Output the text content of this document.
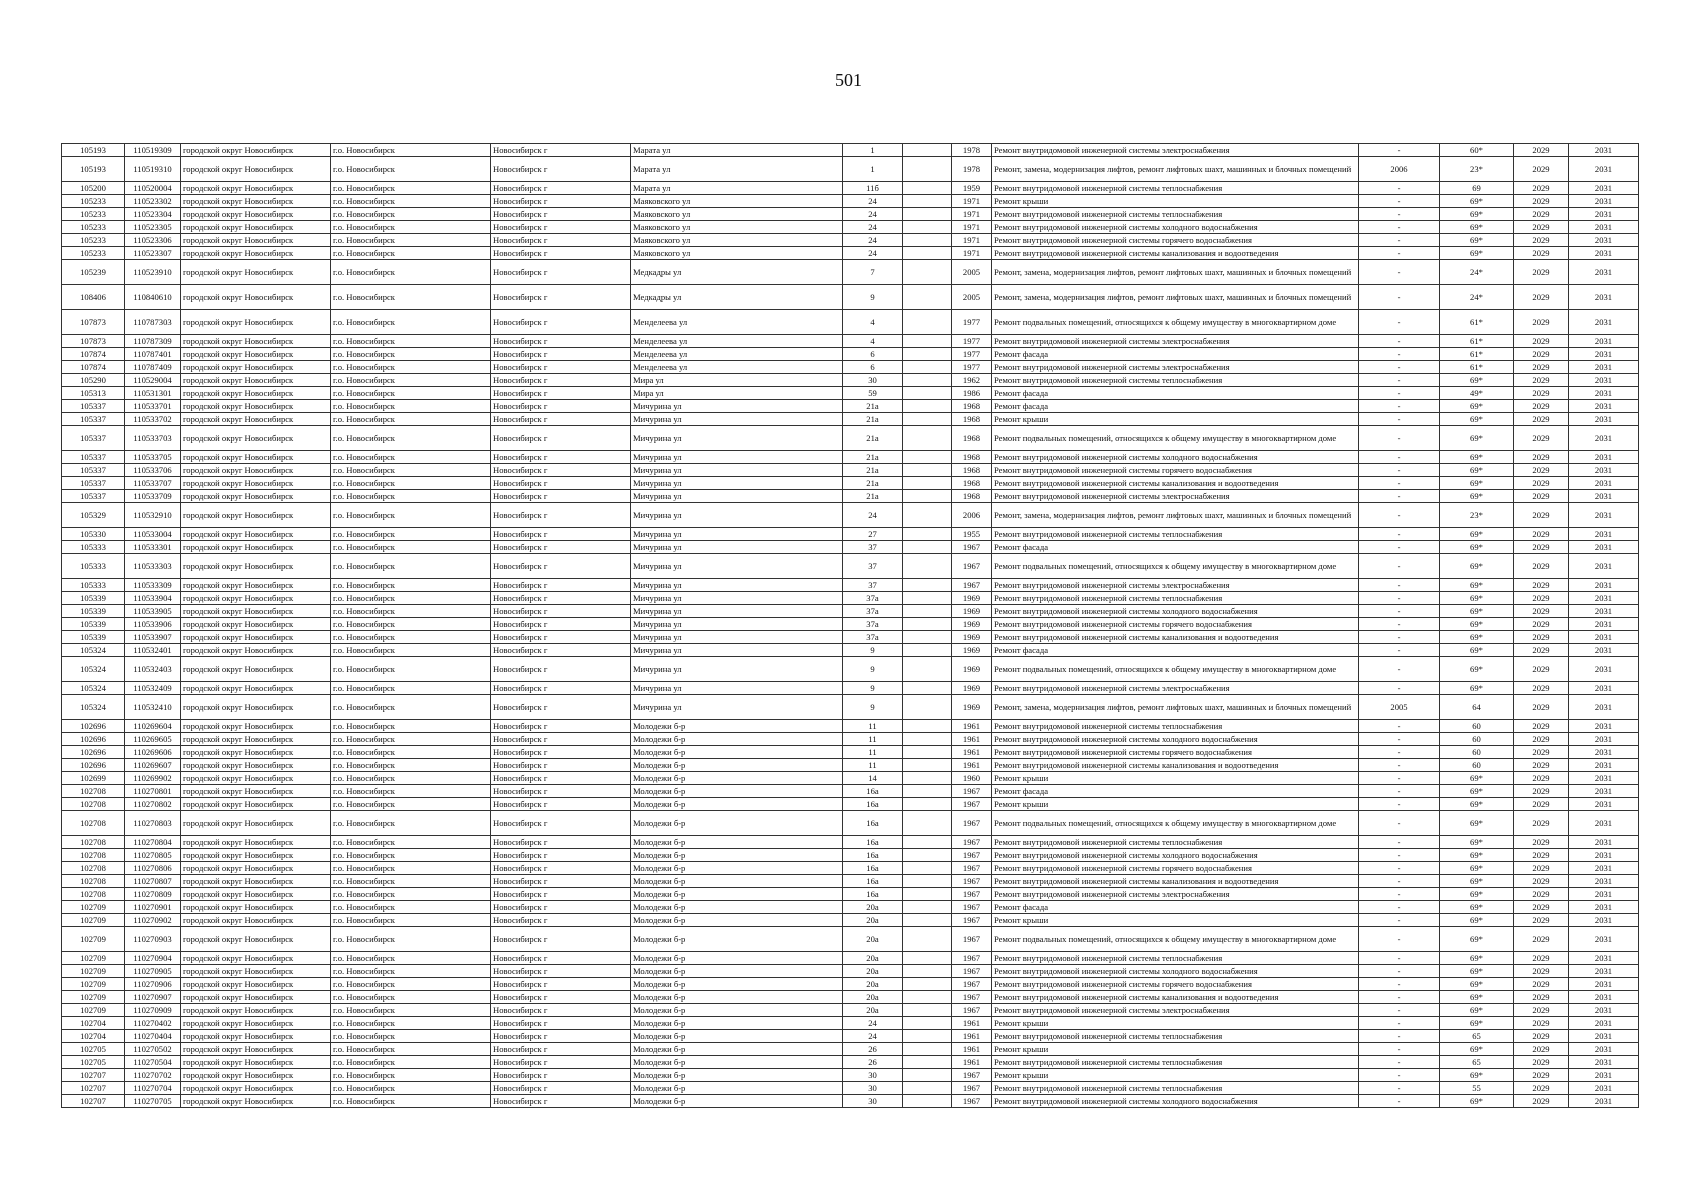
501
105193	110519309	городской округ Новосибирск	г.о. Новосибирск	Новосибирск г	Марата ул	1		1978	Ремонт внутридомовой инженерной системы электроснабжения	-	60*	2029	2031
105193	110519310	городской округ Новосибирск	г.о. Новосибирск	Новосибирск г	Марата ул	1		1978	Ремонт, замена, модернизация лифтов, ремонт лифтовых шахт, машинных и блочных помещений	2006	23*	2029	2031
105200	110520004	городской округ Новосибирск	г.о. Новосибирск	Новосибирск г	Марата ул	11б		1959	Ремонт внутридомовой инженерной системы теплоснабжения	-	69	2029	2031
105233	110523302	городской округ Новосибирск	г.о. Новосибирск	Новосибирск г	Маяковского ул	24		1971	Ремонт крыши	-	69*	2029	2031
105233	110523304	городской округ Новосибирск	г.о. Новосибирск	Новосибирск г	Маяковского ул	24		1971	Ремонт внутридомовой инженерной системы теплоснабжения	-	69*	2029	2031
105233	110523305	городской округ Новосибирск	г.о. Новосибирск	Новосибирск г	Маяковского ул	24		1971	Ремонт внутридомовой инженерной системы холодного водоснабжения	-	69*	2029	2031
105233	110523306	городской округ Новосибирск	г.о. Новосибирск	Новосибирск г	Маяковского ул	24		1971	Ремонт внутридомовой инженерной системы горячего водоснабжения	-	69*	2029	2031
105233	110523307	городской округ Новосибирск	г.о. Новосибирск	Новосибирск г	Маяковского ул	24		1971	Ремонт внутридомовой инженерной системы канализования и водоотведения	-	69*	2029	2031
105239	110523910	городской округ Новосибирск	г.о. Новосибирск	Новосибирск г	Медкадры ул	7		2005	Ремонт, замена, модернизация лифтов, ремонт лифтовых шахт, машинных и блочных помещений	-	24*	2029	2031
108406	110840610	городской округ Новосибирск	г.о. Новосибирск	Новосибирск г	Медкадры ул	9		2005	Ремонт, замена, модернизация лифтов, ремонт лифтовых шахт, машинных и блочных помещений	-	24*	2029	2031
107873	110787303	городской округ Новосибирск	г.о. Новосибирск	Новосибирск г	Менделеева ул	4		1977	Ремонт подвальных помещений, относящихся к общему имуществу в многоквартирном доме	-	61*	2029	2031
107873	110787309	городской округ Новосибирск	г.о. Новосибирск	Новосибирск г	Менделеева ул	4		1977	Ремонт внутридомовой инженерной системы электроснабжения	-	61*	2029	2031
107874	110787401	городской округ Новосибирск	г.о. Новосибирск	Новосибирск г	Менделеева ул	6		1977	Ремонт фасада	-	61*	2029	2031
107874	110787409	городской округ Новосибирск	г.о. Новосибирск	Новосибирск г	Менделеева ул	6		1977	Ремонт внутридомовой инженерной системы электроснабжения	-	61*	2029	2031
105290	110529004	городской округ Новосибирск	г.о. Новосибирск	Новосибирск г	Мира ул	30		1962	Ремонт внутридомовой инженерной системы теплоснабжения	-	69*	2029	2031
105313	110531301	городской округ Новосибирск	г.о. Новосибирск	Новосибирск г	Мира ул	59		1986	Ремонт фасада	-	49*	2029	2031
105337	110533701	городской округ Новосибирск	г.о. Новосибирск	Новосибирск г	Мичурина ул	21а		1968	Ремонт фасада	-	69*	2029	2031
105337	110533702	городской округ Новосибирск	г.о. Новосибирск	Новосибирск г	Мичурина ул	21а		1968	Ремонт крыши	-	69*	2029	2031
105337	110533703	городской округ Новосибирск	г.о. Новосибирск	Новосибирск г	Мичурина ул	21а		1968	Ремонт подвальных помещений, относящихся к общему имуществу в многоквартирном доме	-	69*	2029	2031
105337	110533705	городской округ Новосибирск	г.о. Новосибирск	Новосибирск г	Мичурина ул	21а		1968	Ремонт внутридомовой инженерной системы холодного водоснабжения	-	69*	2029	2031
105337	110533706	городской округ Новосибирск	г.о. Новосибирск	Новосибирск г	Мичурина ул	21а		1968	Ремонт внутридомовой инженерной системы горячего водоснабжения	-	69*	2029	2031
105337	110533707	городской округ Новосибирск	г.о. Новосибирск	Новосибирск г	Мичурина ул	21а		1968	Ремонт внутридомовой инженерной системы канализования и водоотведения	-	69*	2029	2031
105337	110533709	городской округ Новосибирск	г.о. Новосибирск	Новосибирск г	Мичурина ул	21а		1968	Ремонт внутридомовой инженерной системы электроснабжения	-	69*	2029	2031
105329	110532910	городской округ Новосибирск	г.о. Новосибирск	Новосибирск г	Мичурина ул	24		2006	Ремонт, замена, модернизация лифтов, ремонт лифтовых шахт, машинных и блочных помещений	-	23*	2029	2031
105330	110533004	городской округ Новосибирск	г.о. Новосибирск	Новосибирск г	Мичурина ул	27		1955	Ремонт внутридомовой инженерной системы теплоснабжения	-	69*	2029	2031
105333	110533301	городской округ Новосибирск	г.о. Новосибирск	Новосибирск г	Мичурина ул	37		1967	Ремонт фасада	-	69*	2029	2031
105333	110533303	городской округ Новосибирск	г.о. Новосибирск	Новосибирск г	Мичурина ул	37		1967	Ремонт подвальных помещений, относящихся к общему имуществу в многоквартирном доме	-	69*	2029	2031
105333	110533309	городской округ Новосибирск	г.о. Новосибирск	Новосибирск г	Мичурина ул	37		1967	Ремонт внутридомовой инженерной системы электроснабжения	-	69*	2029	2031
105339	110533904	городской округ Новосибирск	г.о. Новосибирск	Новосибирск г	Мичурина ул	37а		1969	Ремонт внутридомовой инженерной системы теплоснабжения	-	69*	2029	2031
105339	110533905	городской округ Новосибирск	г.о. Новосибирск	Новосибирск г	Мичурина ул	37а		1969	Ремонт внутридомовой инженерной системы холодного водоснабжения	-	69*	2029	2031
105339	110533906	городской округ Новосибирск	г.о. Новосибирск	Новосибирск г	Мичурина ул	37а		1969	Ремонт внутридомовой инженерной системы горячего водоснабжения	-	69*	2029	2031
105339	110533907	городской округ Новосибирск	г.о. Новосибирск	Новосибирск г	Мичурина ул	37а		1969	Ремонт внутридомовой инженерной системы канализования и водоотведения	-	69*	2029	2031
105324	110532401	городской округ Новосибирск	г.о. Новосибирск	Новосибирск г	Мичурина ул	9		1969	Ремонт фасада	-	69*	2029	2031
105324	110532403	городской округ Новосибирск	г.о. Новосибирск	Новосибирск г	Мичурина ул	9		1969	Ремонт подвальных помещений, относящихся к общему имуществу в многоквартирном доме	-	69*	2029	2031
105324	110532409	городской округ Новосибирск	г.о. Новосибирск	Новосибирск г	Мичурина ул	9		1969	Ремонт внутридомовой инженерной системы электроснабжения	-	69*	2029	2031
105324	110532410	городской округ Новосибирск	г.о. Новосибирск	Новосибирск г	Мичурина ул	9		1969	Ремонт, замена, модернизация лифтов, ремонт лифтовых шахт, машинных и блочных помещений	2005	64	2029	2031
102696	110269604	городской округ Новосибирск	г.о. Новосибирск	Новосибирск г	Молодежи б-р	11		1961	Ремонт внутридомовой инженерной системы теплоснабжения	-	60	2029	2031
102696	110269605	городской округ Новосибирск	г.о. Новосибирск	Новосибирск г	Молодежи б-р	11		1961	Ремонт внутридомовой инженерной системы холодного водоснабжения	-	60	2029	2031
102696	110269606	городской округ Новосибирск	г.о. Новосибирск	Новосибирск г	Молодежи б-р	11		1961	Ремонт внутридомовой инженерной системы горячего водоснабжения	-	60	2029	2031
102696	110269607	городской округ Новосибирск	г.о. Новосибирск	Новосибирск г	Молодежи б-р	11		1961	Ремонт внутридомовой инженерной системы канализования и водоотведения	-	60	2029	2031
102699	110269902	городской округ Новосибирск	г.о. Новосибирск	Новосибирск г	Молодежи б-р	14		1960	Ремонт крыши	-	69*	2029	2031
102708	110270801	городской округ Новосибирск	г.о. Новосибирск	Новосибирск г	Молодежи б-р	16а		1967	Ремонт фасада	-	69*	2029	2031
102708	110270802	городской округ Новосибирск	г.о. Новосибирск	Новосибирск г	Молодежи б-р	16а		1967	Ремонт крыши	-	69*	2029	2031
102708	110270803	городской округ Новосибирск	г.о. Новосибирск	Новосибирск г	Молодежи б-р	16а		1967	Ремонт подвальных помещений, относящихся к общему имуществу в многоквартирном доме	-	69*	2029	2031
102708	110270804	городской округ Новосибирск	г.о. Новосибирск	Новосибирск г	Молодежи б-р	16а		1967	Ремонт внутридомовой инженерной системы теплоснабжения	-	69*	2029	2031
102708	110270805	городской округ Новосибирск	г.о. Новосибирск	Новосибирск г	Молодежи б-р	16а		1967	Ремонт внутридомовой инженерной системы холодного водоснабжения	-	69*	2029	2031
102708	110270806	городской округ Новосибирск	г.о. Новосибирск	Новосибирск г	Молодежи б-р	16а		1967	Ремонт внутридомовой инженерной системы горячего водоснабжения	-	69*	2029	2031
102708	110270807	городской округ Новосибирск	г.о. Новосибирск	Новосибирск г	Молодежи б-р	16а		1967	Ремонт внутридомовой инженерной системы канализования и водоотведения	-	69*	2029	2031
102708	110270809	городской округ Новосибирск	г.о. Новосибирск	Новосибирск г	Молодежи б-р	16а		1967	Ремонт внутридомовой инженерной системы электроснабжения	-	69*	2029	2031
102709	110270901	городской округ Новосибирск	г.о. Новосибирск	Новосибирск г	Молодежи б-р	20а		1967	Ремонт фасада	-	69*	2029	2031
102709	110270902	городской округ Новосибирск	г.о. Новосибирск	Новосибирск г	Молодежи б-р	20а		1967	Ремонт крыши	-	69*	2029	2031
102709	110270903	городской округ Новосибирск	г.о. Новосибирск	Новосибирск г	Молодежи б-р	20а		1967	Ремонт подвальных помещений, относящихся к общему имуществу в многоквартирном доме	-	69*	2029	2031
102709	110270904	городской округ Новосибирск	г.о. Новосибирск	Новосибирск г	Молодежи б-р	20а		1967	Ремонт внутридомовой инженерной системы теплоснабжения	-	69*	2029	2031
102709	110270905	городской округ Новосибирск	г.о. Новосибирск	Новосибирск г	Молодежи б-р	20а		1967	Ремонт внутридомовой инженерной системы холодного водоснабжения	-	69*	2029	2031
102709	110270906	городской округ Новосибирск	г.о. Новосибирск	Новосибирск г	Молодежи б-р	20а		1967	Ремонт внутридомовой инженерной системы горячего водоснабжения	-	69*	2029	2031
102709	110270907	городской округ Новосибирск	г.о. Новосибирск	Новосибирск г	Молодежи б-р	20а		1967	Ремонт внутридомовой инженерной системы канализования и водоотведения	-	69*	2029	2031
102709	110270909	городской округ Новосибирск	г.о. Новосибирск	Новосибирск г	Молодежи б-р	20а		1967	Ремонт внутридомовой инженерной системы электроснабжения	-	69*	2029	2031
102704	110270402	городской округ Новосибирск	г.о. Новосибирск	Новосибирск г	Молодежи б-р	24		1961	Ремонт крыши	-	69*	2029	2031
102704	110270404	городской округ Новосибирск	г.о. Новосибирск	Новосибирск г	Молодежи б-р	24		1961	Ремонт внутридомовой инженерной системы теплоснабжения	-	65	2029	2031
102705	110270502	городской округ Новосибирск	г.о. Новосибирск	Новосибирск г	Молодежи б-р	26		1961	Ремонт крыши	-	69*	2029	2031
102705	110270504	городской округ Новосибирск	г.о. Новосибирск	Новосибирск г	Молодежи б-р	26		1961	Ремонт внутридомовой инженерной системы теплоснабжения	-	65	2029	2031
102707	110270702	городской округ Новосибирск	г.о. Новосибирск	Новосибирск г	Молодежи б-р	30		1967	Ремонт крыши	-	69*	2029	2031
102707	110270704	городской округ Новосибирск	г.о. Новосибирск	Новосибирск г	Молодежи б-р	30		1967	Ремонт внутридомовой инженерной системы теплоснабжения	-	55	2029	2031
102707	110270705	городской округ Новосибирск	г.о. Новосибирск	Новосибирск г	Молодежи б-р	30		1967	Ремонт внутридомовой инженерной системы холодного водоснабжения	-	69*	2029	2031
